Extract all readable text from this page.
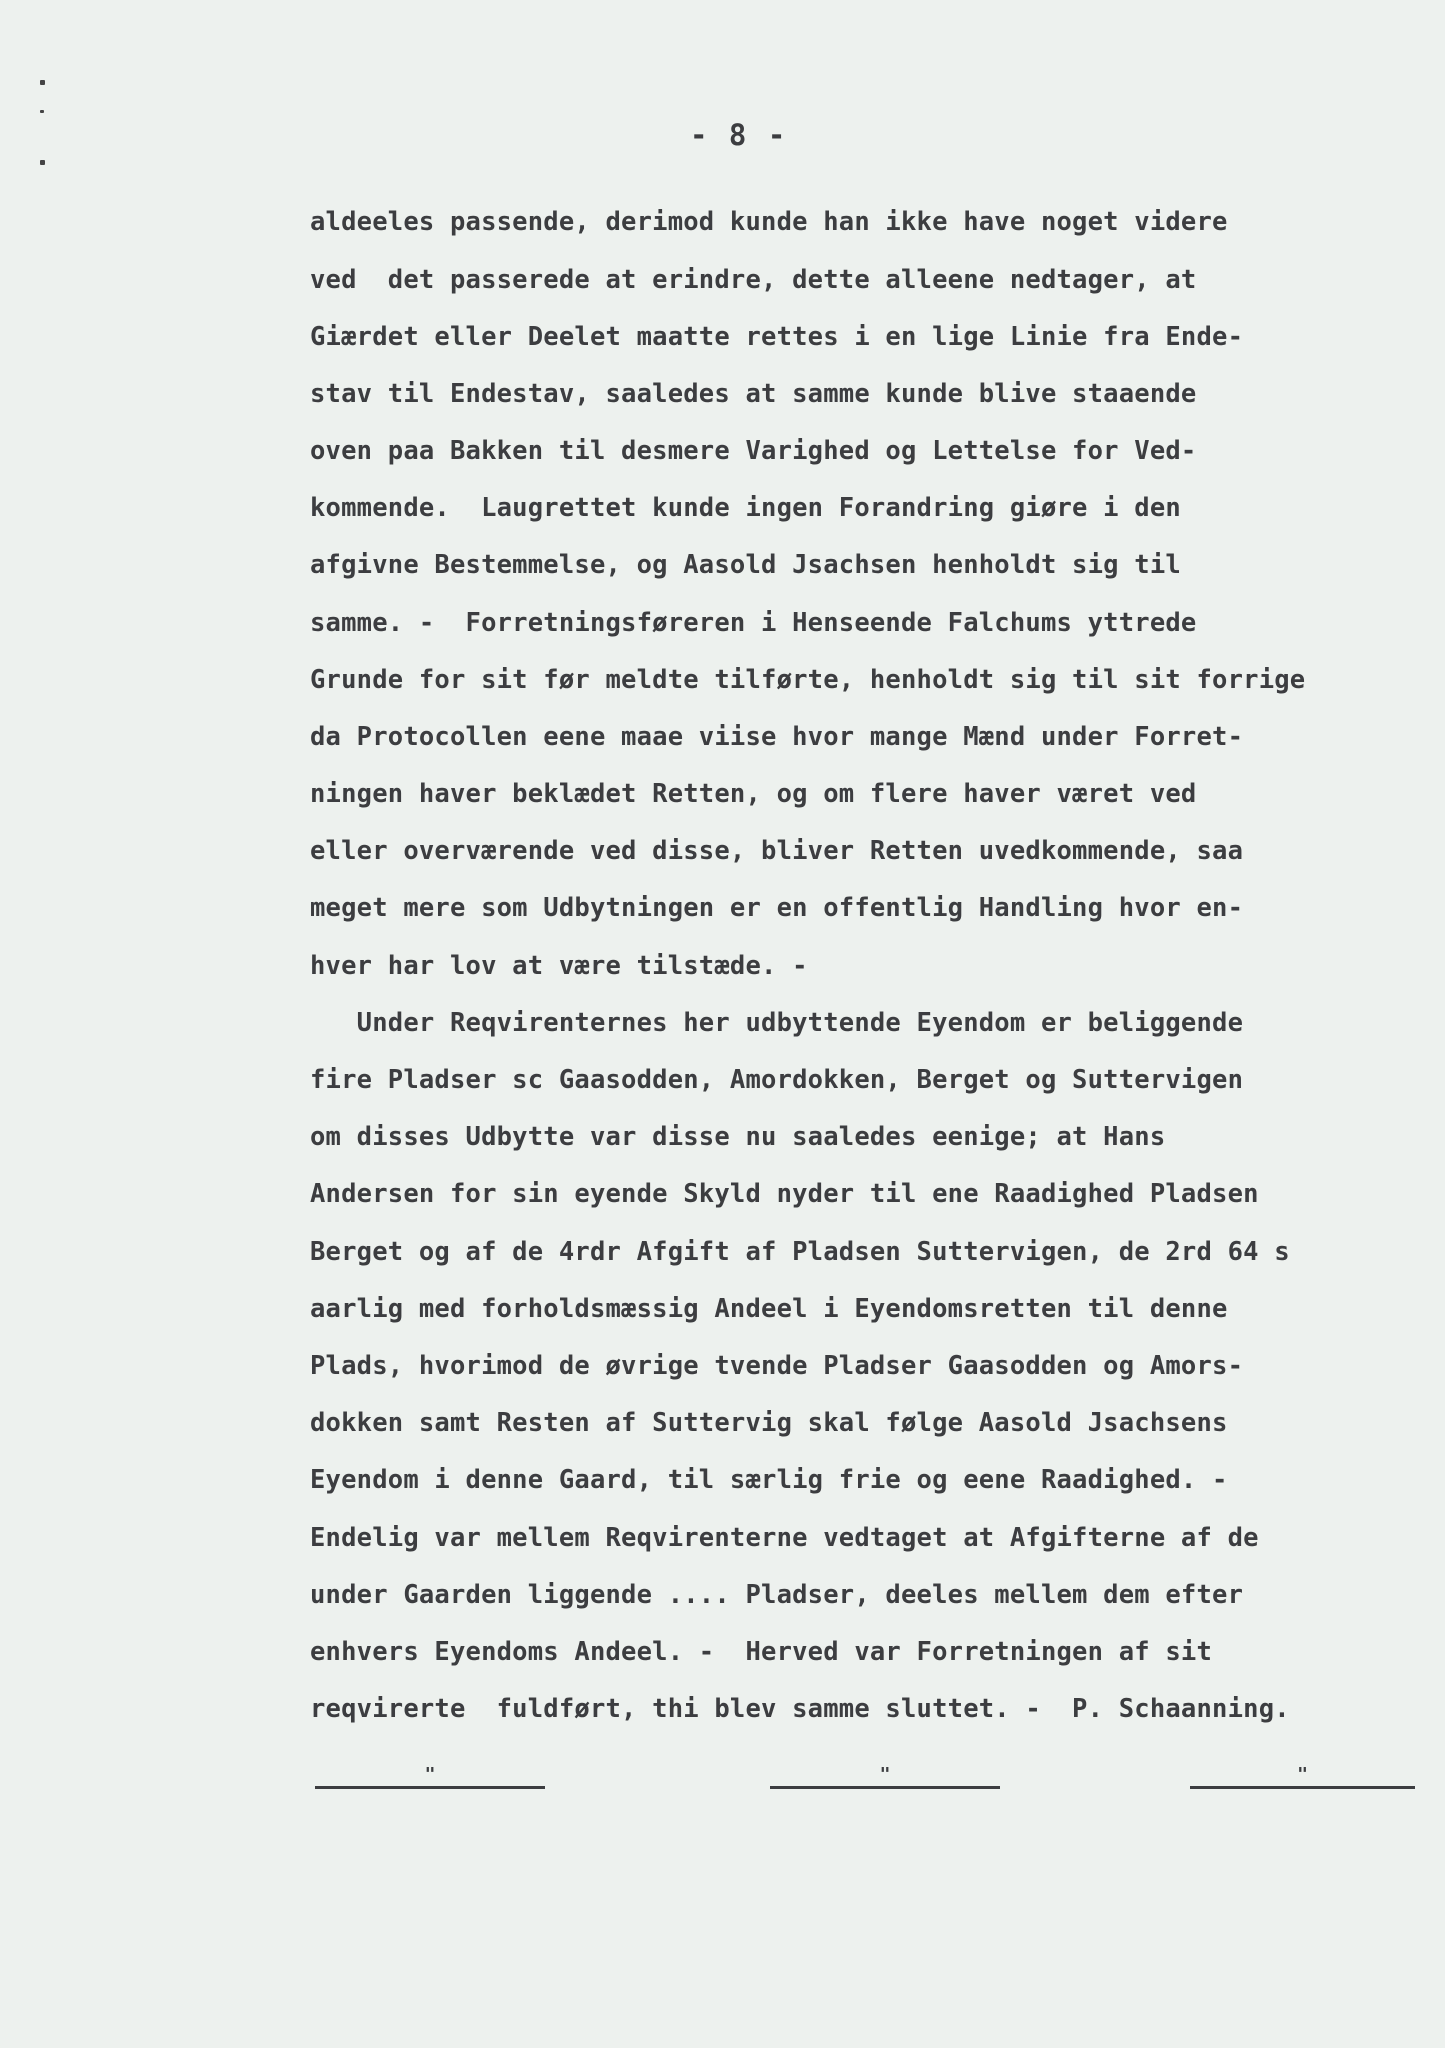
- 8 -
aldeeles passende, derimod kunde han ikke have noget videre
ved  det passerede at erindre, dette alleene nedtager, at
Giærdet eller Deelet maatte rettes i en lige Linie fra Ende-
stav til Endestav, saaledes at samme kunde blive staaende
oven paa Bakken til desmere Varighed og Lettelse for Ved-
kommende.  Laugrettet kunde ingen Forandring giøre i den
afgivne Bestemmelse, og Aasold Jsachsen henholdt sig til
samme. -  Forretningsføreren i Henseende Falchums yttrede
Grunde for sit før meldte tilførte, henholdt sig til sit forrige
da Protocollen eene maae viise hvor mange Mænd under Forret-
ningen haver beklædet Retten, og om flere haver været ved
eller overværende ved disse, bliver Retten uvedkommende, saa
meget mere som Udbytningen er en offentlig Handling hvor en-
hver har lov at være tilstæde. -
Under Reqvirenternes her udbyttende Eyendom er beliggende
fire Pladser sc Gaasodden, Amordokken, Berget og Suttervigen
om disses Udbytte var disse nu saaledes eenige; at Hans
Andersen for sin eyende Skyld nyder til ene Raadighed Pladsen
Berget og af de 4rdr Afgift af Pladsen Suttervigen, de 2rd 64 s
aarlig med forholdsmæssig Andeel i Eyendomsretten til denne
Plads, hvorimod de øvrige tvende Pladser Gaasodden og Amors-
dokken samt Resten af Suttervig skal følge Aasold Jsachsens
Eyendom i denne Gaard, til særlig frie og eene Raadighed. -
Endelig var mellem Reqvirenterne vedtaget at Afgifterne af de
under Gaarden liggende .... Pladser, deeles mellem dem efter
enhvers Eyendoms Andeel. -  Herved var Forretningen af sit
reqvirerte  fuldført, thi blev samme sluttet. -  P. Schaanning.
"	"	"
